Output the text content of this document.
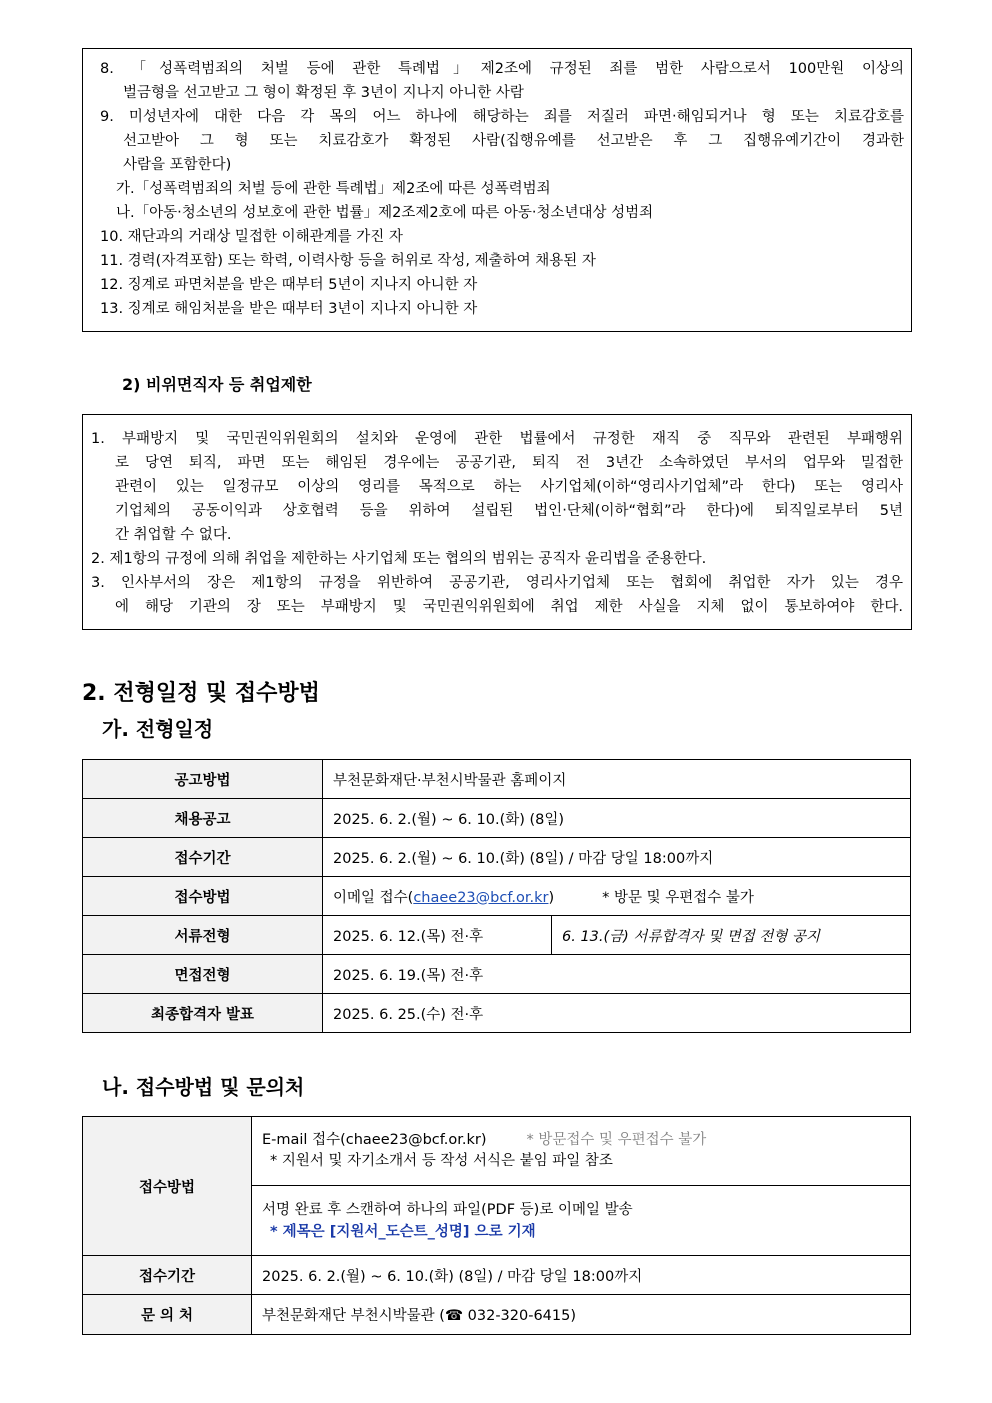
8. 「성폭력범죄의 처벌 등에 관한 특례법」제2조에 규정된 죄를 범한 사람으로서 100만원 이상의
벌금형을 선고받고 그 형이 확정된 후 3년이 지나지 아니한 사람
9. 미성년자에 대한 다음 각 목의 어느 하나에 해당하는 죄를 저질러 파면‧해임되거나 형 또는 치료감호를
선고받아 그 형 또는 치료감호가 확정된 사람(집행유예를 선고받은 후 그 집행유예기간이 경과한
사람을 포함한다)
가.「성폭력범죄의 처벌 등에 관한 특례법」제2조에 따른 성폭력범죄
나.「아동‧청소년의 성보호에 관한 법률」제2조제2호에 따른 아동‧청소년대상 성범죄
10. 재단과의 거래상 밀접한 이해관계를 가진 자
11. 경력(자격포함) 또는 학력, 이력사항 등을 허위로 작성, 제출하여 채용된 자
12. 징계로 파면처분을 받은 때부터 5년이 지나지 아니한 자
13. 징계로 해임처분을 받은 때부터 3년이 지나지 아니한 자
2) 비위면직자 등 취업제한
1. 부패방지 및 국민권익위원회의 설치와 운영에 관한 법률에서 규정한 재직 중 직무와 관련된 부패행위
로 당연 퇴직, 파면 또는 해임된 경우에는 공공기관, 퇴직 전 3년간 소속하였던 부서의 업무와 밀접한
관련이 있는 일정규모 이상의 영리를 목적으로 하는 사기업체(이하“영리사기업체”라 한다) 또는 영리사
기업체의 공동이익과 상호협력 등을 위하여 설립된 법인‧단체(이하“협회”라 한다)에 퇴직일로부터 5년
간 취업할 수 없다.
2. 제1항의 규정에 의해 취업을 제한하는 사기업체 또는 협의의 범위는 공직자 윤리법을 준용한다.
3. 인사부서의 장은 제1항의 규정을 위반하여 공공기관, 영리사기업체 또는 협회에 취업한 자가 있는 경우
에 해당 기관의 장 또는 부패방지 및 국민권익위원회에 취업 제한 사실을 지체 없이 통보하여야 한다.
2. 전형일정 및 접수방법
가. 전형일정
공고방법	부천문화재단·부천시박물관 홈페이지	
채용공고	2025. 6. 2.(월) ~ 6. 10.(화) (8일)	
접수기간	2025. 6. 2.(월) ~ 6. 10.(화) (8일) / 마감 당일 18:00까지	
접수방법	이메일 접수(chaee23@bcf.or.kr) * 방문 및 우편접수 불가	
서류전형	2025. 6. 12.(목) 전·후	6. 13.(금) 서류합격자 및 면접 전형 공지
면접전형	2025. 6. 19.(목) 전·후	
최종합격자 발표	2025. 6. 25.(수) 전·후	
나. 접수방법 및 문의처
접수방법	E-mail 접수(chaee23@bcf.or.kr) * 방문접수 및 우편접수 불가
* 지원서 및 자기소개서 등 작성 서식은 붙임 파일 참조

	서명 완료 후 스캔하여 하나의 파일(PDF 등)로 이메일 발송
* 제목은 [지원서_도슨트_성명] 으로 기재

접수기간	2025. 6. 2.(월) ~ 6. 10.(화) (8일) / 마감 당일 18:00까지
문 의 처	부천문화재단 부천시박물관 (☎ 032-320-6415)
